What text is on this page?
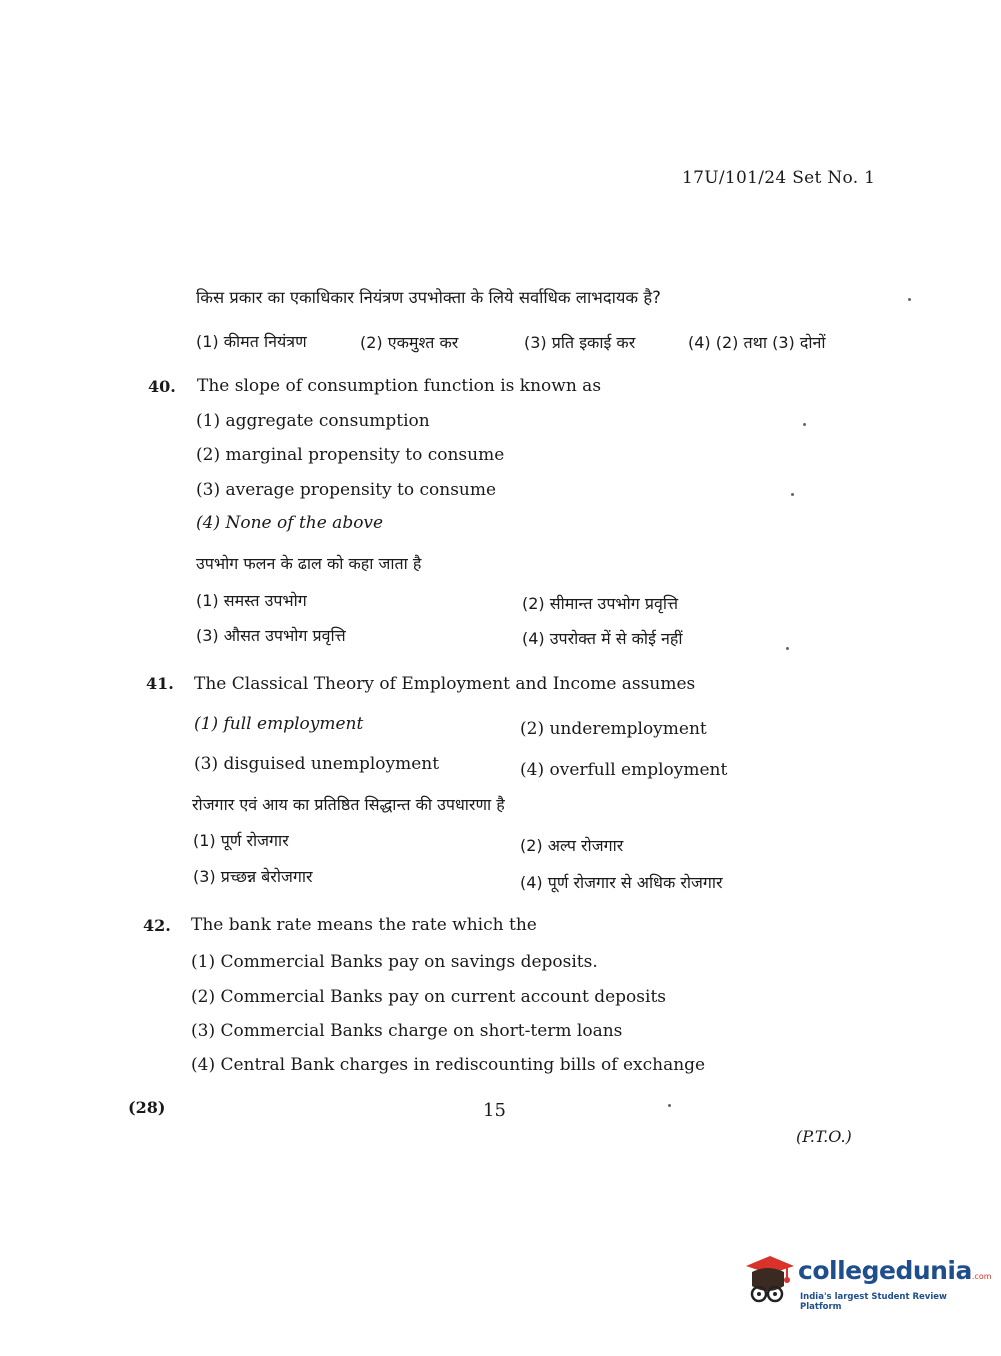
17U/101/24 Set No. 1
किस प्रकार का एकाधिकार नियंत्रण उपभोक्ता के लिये सर्वाधिक लाभदायक है?
(1) कीमत नियंत्रण	(2) एकमुश्त कर	(3) प्रति इकाई कर	(4) (2) तथा (3) दोनों
40. The slope of consumption function is known as
(1) aggregate consumption
(2) marginal propensity to consume
(3) average propensity to consume
(4) None of the above
उपभोग फलन के ढाल को कहा जाता है
(1) समस्त उपभोग	(2) सीमान्त उपभोग प्रवृत्ति
(3) औसत उपभोग प्रवृत्ति	(4) उपरोक्त में से कोई नहीं
41. The Classical Theory of Employment and Income assumes
(1) full employment	(2) underemployment
(3) disguised unemployment	(4) overfull employment
रोजगार एवं आय का प्रतिष्ठित सिद्धान्त की उपधारणा है
(1) पूर्ण रोजगार	(2) अल्प रोजगार
(3) प्रच्छन्न बेरोजगार	(4) पूर्ण रोजगार से अधिक रोजगार
42. The bank rate means the rate which the
(1) Commercial Banks pay on savings deposits.
(2) Commercial Banks pay on current account deposits
(3) Commercial Banks charge on short-term loans
(4) Central Bank charges in rediscounting bills of exchange
(28)	15
(P.T.O.)
collegedunia.com
India's largest Student Review Platform
